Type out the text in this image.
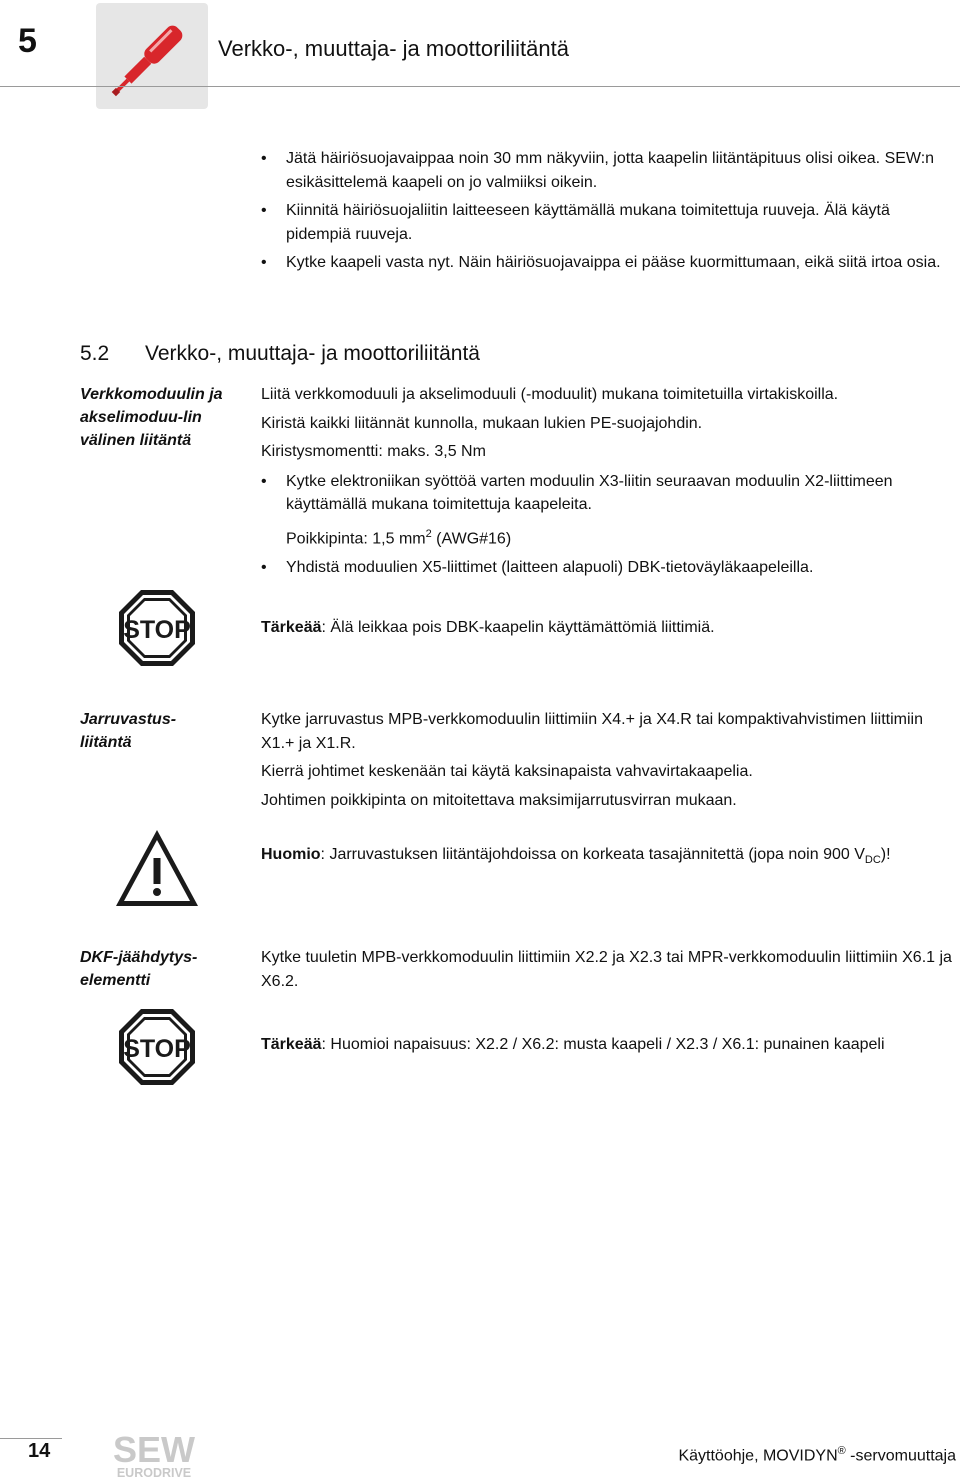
5	Verkko-, muuttaja- ja moottoriliitäntä
• Jätä häiriösuojavaippaa noin 30 mm näkyviin, jotta kaapelin liitäntäpituus olisi oikea. SEW:n esikäsittelemä kaapeli on jo valmiiksi oikein.
• Kiinnitä häiriösuojaliitin laitteeseen käyttämällä mukana toimitettuja ruuveja. Älä käytä pidempiä ruuveja.
• Kytke kaapeli vasta nyt. Näin häiriösuojavaippa ei pääse kuormittumaan, eikä siitä irtoa osia.
5.2 Verkko-, muuttaja- ja moottoriliitäntä
Verkkomoduulin ja akselimoduu-lin välinen liitäntä

Liitä verkkomoduuli ja akselimoduuli (-moduulit) mukana toimitetuilla virtakiskoilla.

Kiristä kaikki liitännät kunnolla, mukaan lukien PE-suojajohdin.

Kiristysmomentti: maks. 3,5 Nm

• Kytke elektroniikan syöttöä varten moduulin X3-liitin seuraavan moduulin X2-liittimeen käyttämällä mukana toimitettuja kaapeleita.

Poikkipinta: 1,5 $mm^2$ (AWG#16)

• Yhdistä moduulien X5-liittimet (laitteen alapuoli) DBK-tietoväyläkaapeleilla.
STOP	Tärkeää: Älä leikkaa pois DBK-kaapelin käyttämättömiä liittimiä.
Jarruvastus-liitäntä

Kytke jarruvastus MPB-verkkomoduulin liittimiin X4.+ ja X4.R tai kompaktivahvistimen liittimiin X1.+ ja X1.R.

Kierrä johtimet keskenään tai käytä kaksinapaista vahvavirtakaapelia.

Johtimen poikkipinta on mitoitettava maksimijarrutusvirran mukaan.

Huomio: Jarruvastuksen liitäntäjohdoissa on korkeata tasajännitettä (jopa noin 900 $V_{DC}$)!
DKF-jäähdytys-elementti
Kytke tuuletin MPB-verkkomoduulin liittimiin X2.2 ja X2.3 tai MPR-verkkomoduulin liittimiin X6.1 ja X6.2.
STOP	Tärkeää: Huomioi napaisuus: X2.2 / X6.2: musta kaapeli / X2.3 / X6.1: punainen kaapeli
14 SEW
EURODRIVE
Käyttöohje, MOVIDYN® -servomuuttaja
